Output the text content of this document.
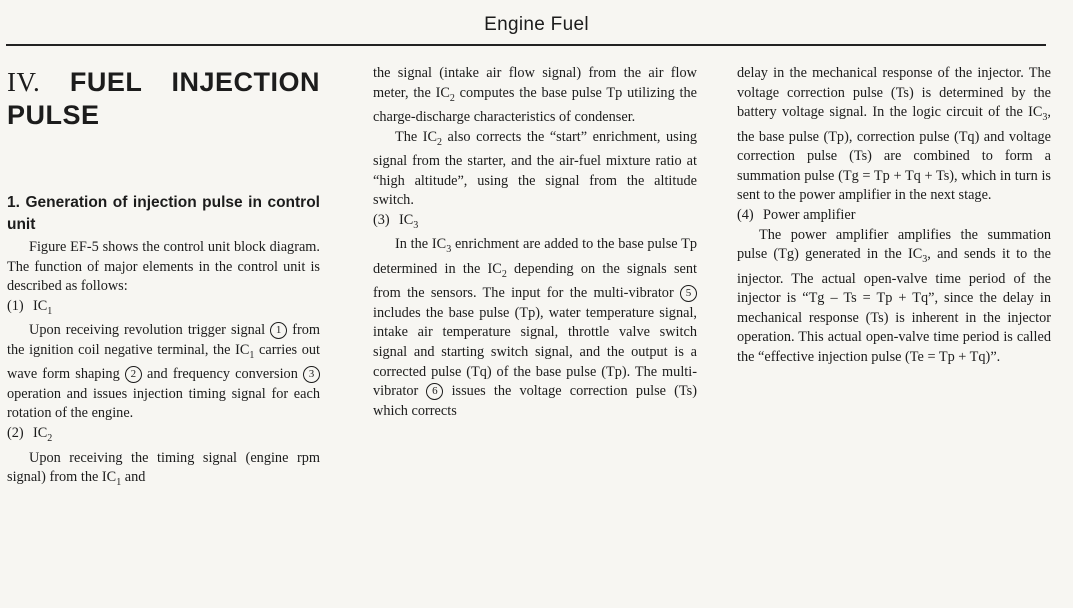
Engine Fuel
IV. FUEL INJECTION PULSE
1. Generation of injection pulse in control unit

Figure EF-5 shows the control unit block diagram. The function of major elements in the control unit is described as follows:

(1) $IC_1$

Upon receiving revolution trigger signal 1 from the ignition coil negative terminal, the $IC_1$ carries out wave form shaping 2 and frequency conversion 3 operation and issues injection timing signal for each rotation of the engine.

(2) $IC_2$

Upon receiving the timing signal (engine rpm signal) from the $IC_1$ and

the signal (intake air flow signal) from the air flow meter, the $IC_2$ computes the base pulse Tp utilizing the charge-discharge characteristics of condenser.

The $IC_2$ also corrects the “start” enrichment, using signal from the starter, and the air-fuel mixture ratio at “high altitude”, using the signal from the altitude switch.

(3) $IC_3$

In the $IC_3$ enrichment are added to the base pulse Tp determined in the $IC_2$ depending on the signals sent from the sensors. The input for the multi-vibrator 5 includes the base pulse (Tp), water temperature signal, intake air temperature signal, throttle valve switch signal and starting switch signal, and the output is a corrected pulse (Tq) of the base pulse (Tp). The multi-vibrator 6 issues the voltage correction pulse (Ts) which corrects

delay in the mechanical response of the injector. The voltage correction pulse (Ts) is determined by the battery voltage signal. In the logic circuit of the $IC_3$, the base pulse (Tp), correction pulse (Tq) and voltage correction pulse (Ts) are combined to form a summation pulse (Tg = Tp + Tq + Ts), which in turn is sent to the power amplifier in the next stage.

(4) Power amplifier

The power amplifier amplifies the summation pulse (Tg) generated in the $IC_3$, and sends it to the injector. The actual open-valve time period of the injector is “Tg – Ts = Tp + Tq”, since the delay in mechanical response (Ts) is inherent in the injector operation. This actual open-valve time period is called the “effective injection pulse (Te = Tp + Tq)”.
